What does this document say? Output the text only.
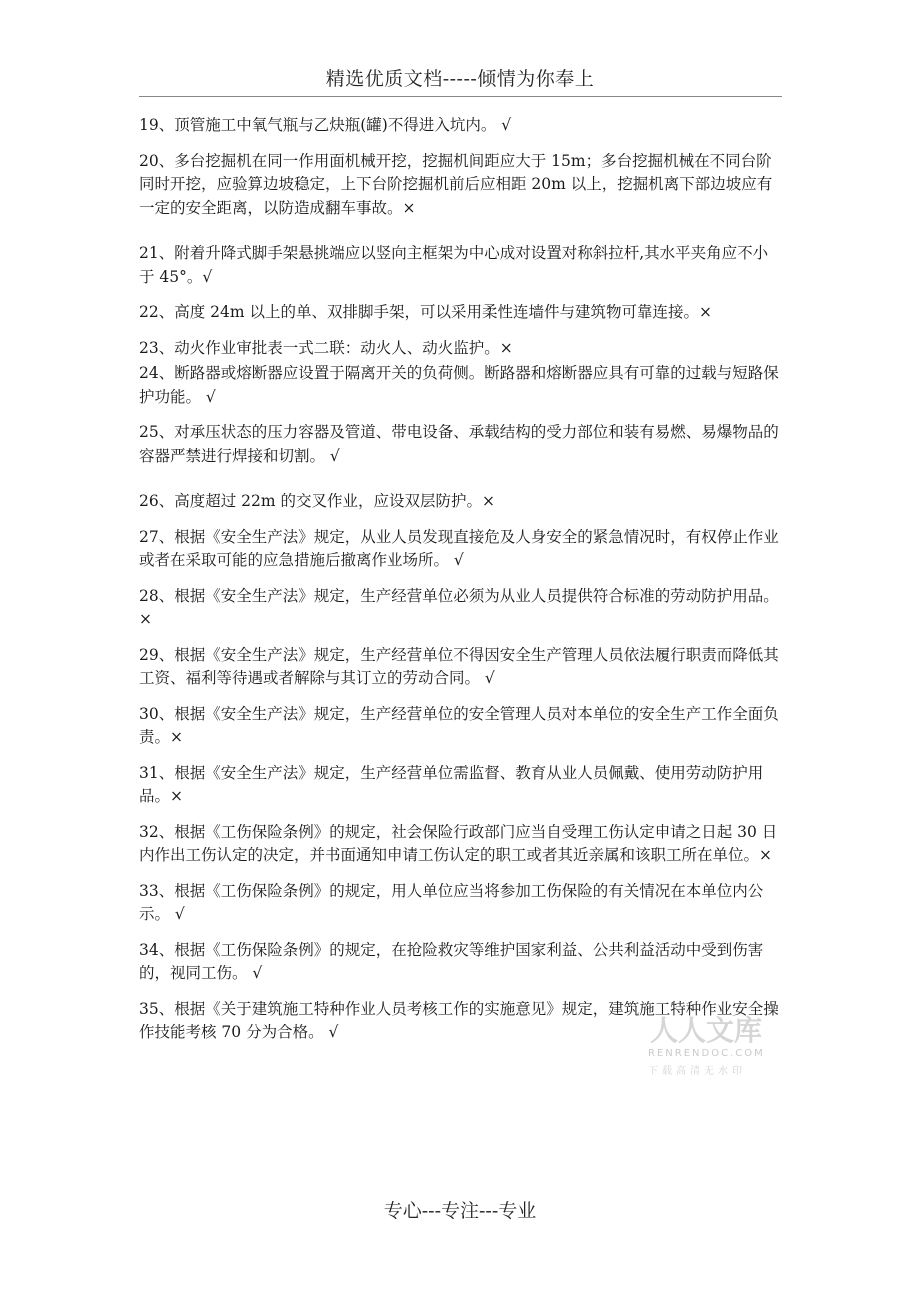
精选优质文档-----倾情为你奉上

19、顶管施工中氧气瓶与乙炔瓶(罐)不得进入坑内。 √

20、多台挖掘机在同一作用面机械开挖，挖掘机间距应大于 15m；多台挖掘机械在不同台阶同时开挖，应验算边坡稳定，上下台阶挖掘机前后应相距 20m 以上，挖掘机离下部边坡应有一定的安全距离，以防造成翻车事故。×

21、附着升降式脚手架悬挑端应以竖向主框架为中心成对设置对称斜拉杆,其水平夹角应不小于 45°。√

22、高度 24m 以上的单、双排脚手架，可以采用柔性连墙件与建筑物可靠连接。×

23、动火作业审批表一式二联：动火人、动火监护。×

24、断路器或熔断器应设置于隔离开关的负荷侧。断路器和熔断器应具有可靠的过载与短路保护功能。 √

25、对承压状态的压力容器及管道、带电设备、承载结构的受力部位和装有易燃、易爆物品的容器严禁进行焊接和切割。 √

26、高度超过 22m 的交叉作业，应设双层防护。×

27、根据《安全生产法》规定，从业人员发现直接危及人身安全的紧急情况时，有权停止作业或者在采取可能的应急措施后撤离作业场所。 √

28、根据《安全生产法》规定，生产经营单位必须为从业人员提供符合标准的劳动防护用品。×

29、根据《安全生产法》规定，生产经营单位不得因安全生产管理人员依法履行职责而降低其工资、福利等待遇或者解除与其订立的劳动合同。 √

30、根据《安全生产法》规定，生产经营单位的安全管理人员对本单位的安全生产工作全面负责。×

31、根据《安全生产法》规定，生产经营单位需监督、教育从业人员佩戴、使用劳动防护用品。×

32、根据《工伤保险条例》的规定，社会保险行政部门应当自受理工伤认定申请之日起 30 日内作出工伤认定的决定，并书面通知申请工伤认定的职工或者其近亲属和该职工所在单位。×

33、根据《工伤保险条例》的规定，用人单位应当将参加工伤保险的有关情况在本单位内公示。 √

34、根据《工伤保险条例》的规定，在抢险救灾等维护国家利益、公共利益活动中受到伤害的，视同工伤。 √

35、根据《关于建筑施工特种作业人员考核工作的实施意见》规定，建筑施工特种作业安全操作技能考核 70 分为合格。 √	人人文库
RENRENDOC.COM
下载高清无水印
专心---专注---专业
